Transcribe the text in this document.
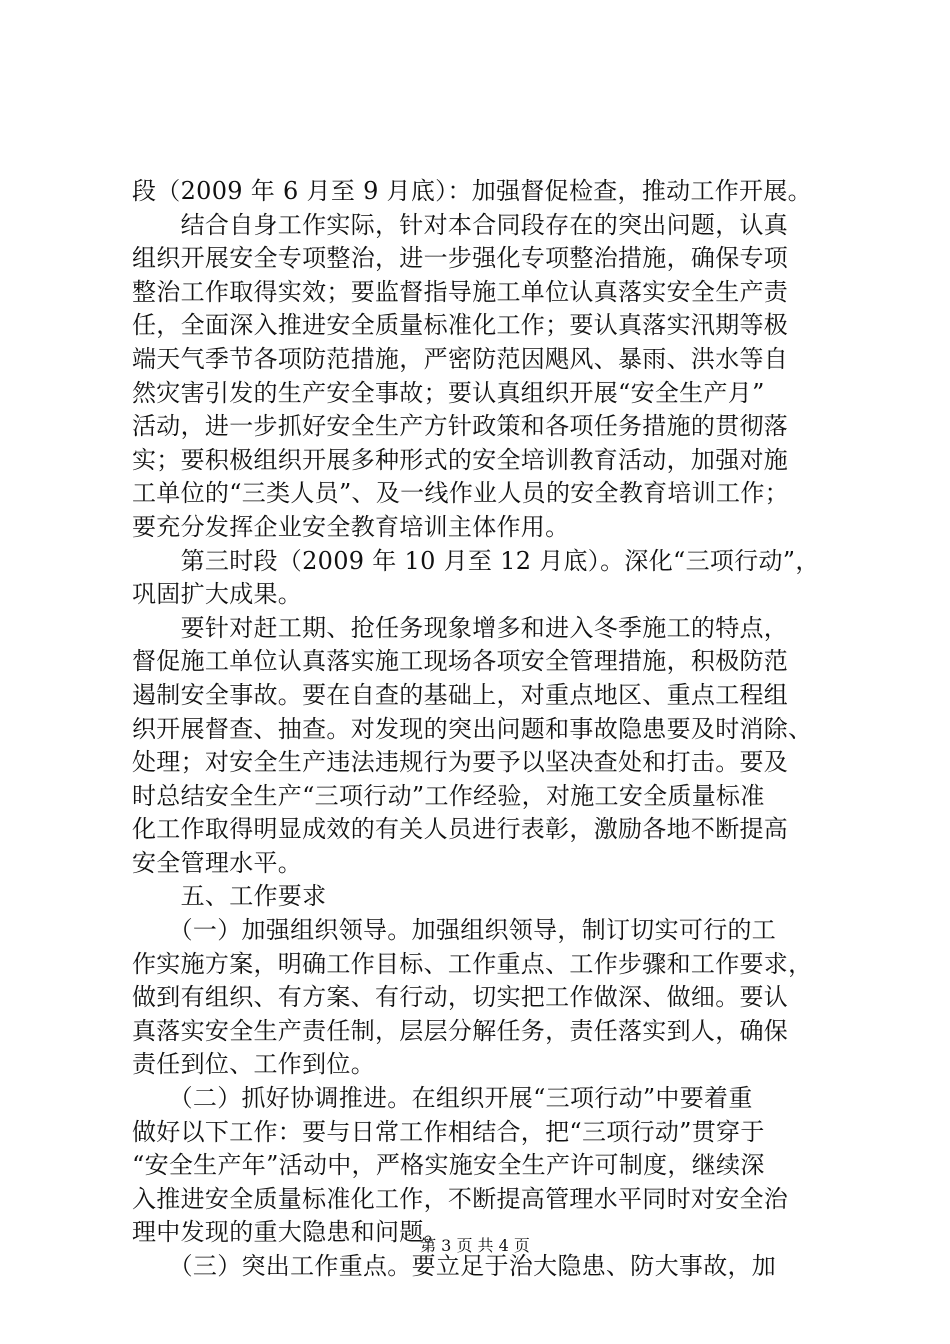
段（2009 年 6 月至 9 月底）：加强督促检查，推动工作开展。
　　结合自身工作实际，针对本合同段存在的突出问题，认真
组织开展安全专项整治，进一步强化专项整治措施，确保专项
整治工作取得实效；要监督指导施工单位认真落实安全生产责
任，全面深入推进安全质量标准化工作；要认真落实汛期等极
端天气季节各项防范措施，严密防范因飓风、暴雨、洪水等自
然灾害引发的生产安全事故；要认真组织开展“安全生产月”
活动，进一步抓好安全生产方针政策和各项任务措施的贯彻落
实；要积极组织开展多种形式的安全培训教育活动，加强对施
工单位的“三类人员”、及一线作业人员的安全教育培训工作；
要充分发挥企业安全教育培训主体作用。
　　第三时段（2009 年 10 月至 12 月底）。深化“三项行动”，
巩固扩大成果。
　　要针对赶工期、抢任务现象增多和进入冬季施工的特点，
督促施工单位认真落实施工现场各项安全管理措施，积极防范
遏制安全事故。要在自查的基础上，对重点地区、重点工程组
织开展督查、抽查。对发现的突出问题和事故隐患要及时消除、
处理；对安全生产违法违规行为要予以坚决查处和打击。要及
时总结安全生产“三项行动”工作经验，对施工安全质量标准
化工作取得明显成效的有关人员进行表彰，激励各地不断提高
安全管理水平。
　　五、工作要求
　　（一）加强组织领导。加强组织领导，制订切实可行的工
作实施方案，明确工作目标、工作重点、工作步骤和工作要求，
做到有组织、有方案、有行动，切实把工作做深、做细。要认
真落实安全生产责任制，层层分解任务，责任落实到人，确保
责任到位、工作到位。
　　（二）抓好协调推进。在组织开展“三项行动”中要着重
做好以下工作：要与日常工作相结合，把“三项行动”贯穿于
“安全生产年”活动中，严格实施安全生产许可制度，继续深
入推进安全质量标准化工作，不断提高管理水平同时对安全治
理中发现的重大隐患和问题。
　　（三）突出工作重点。要立足于治大隐患、防大事故，加
第 3 页 共 4 页
